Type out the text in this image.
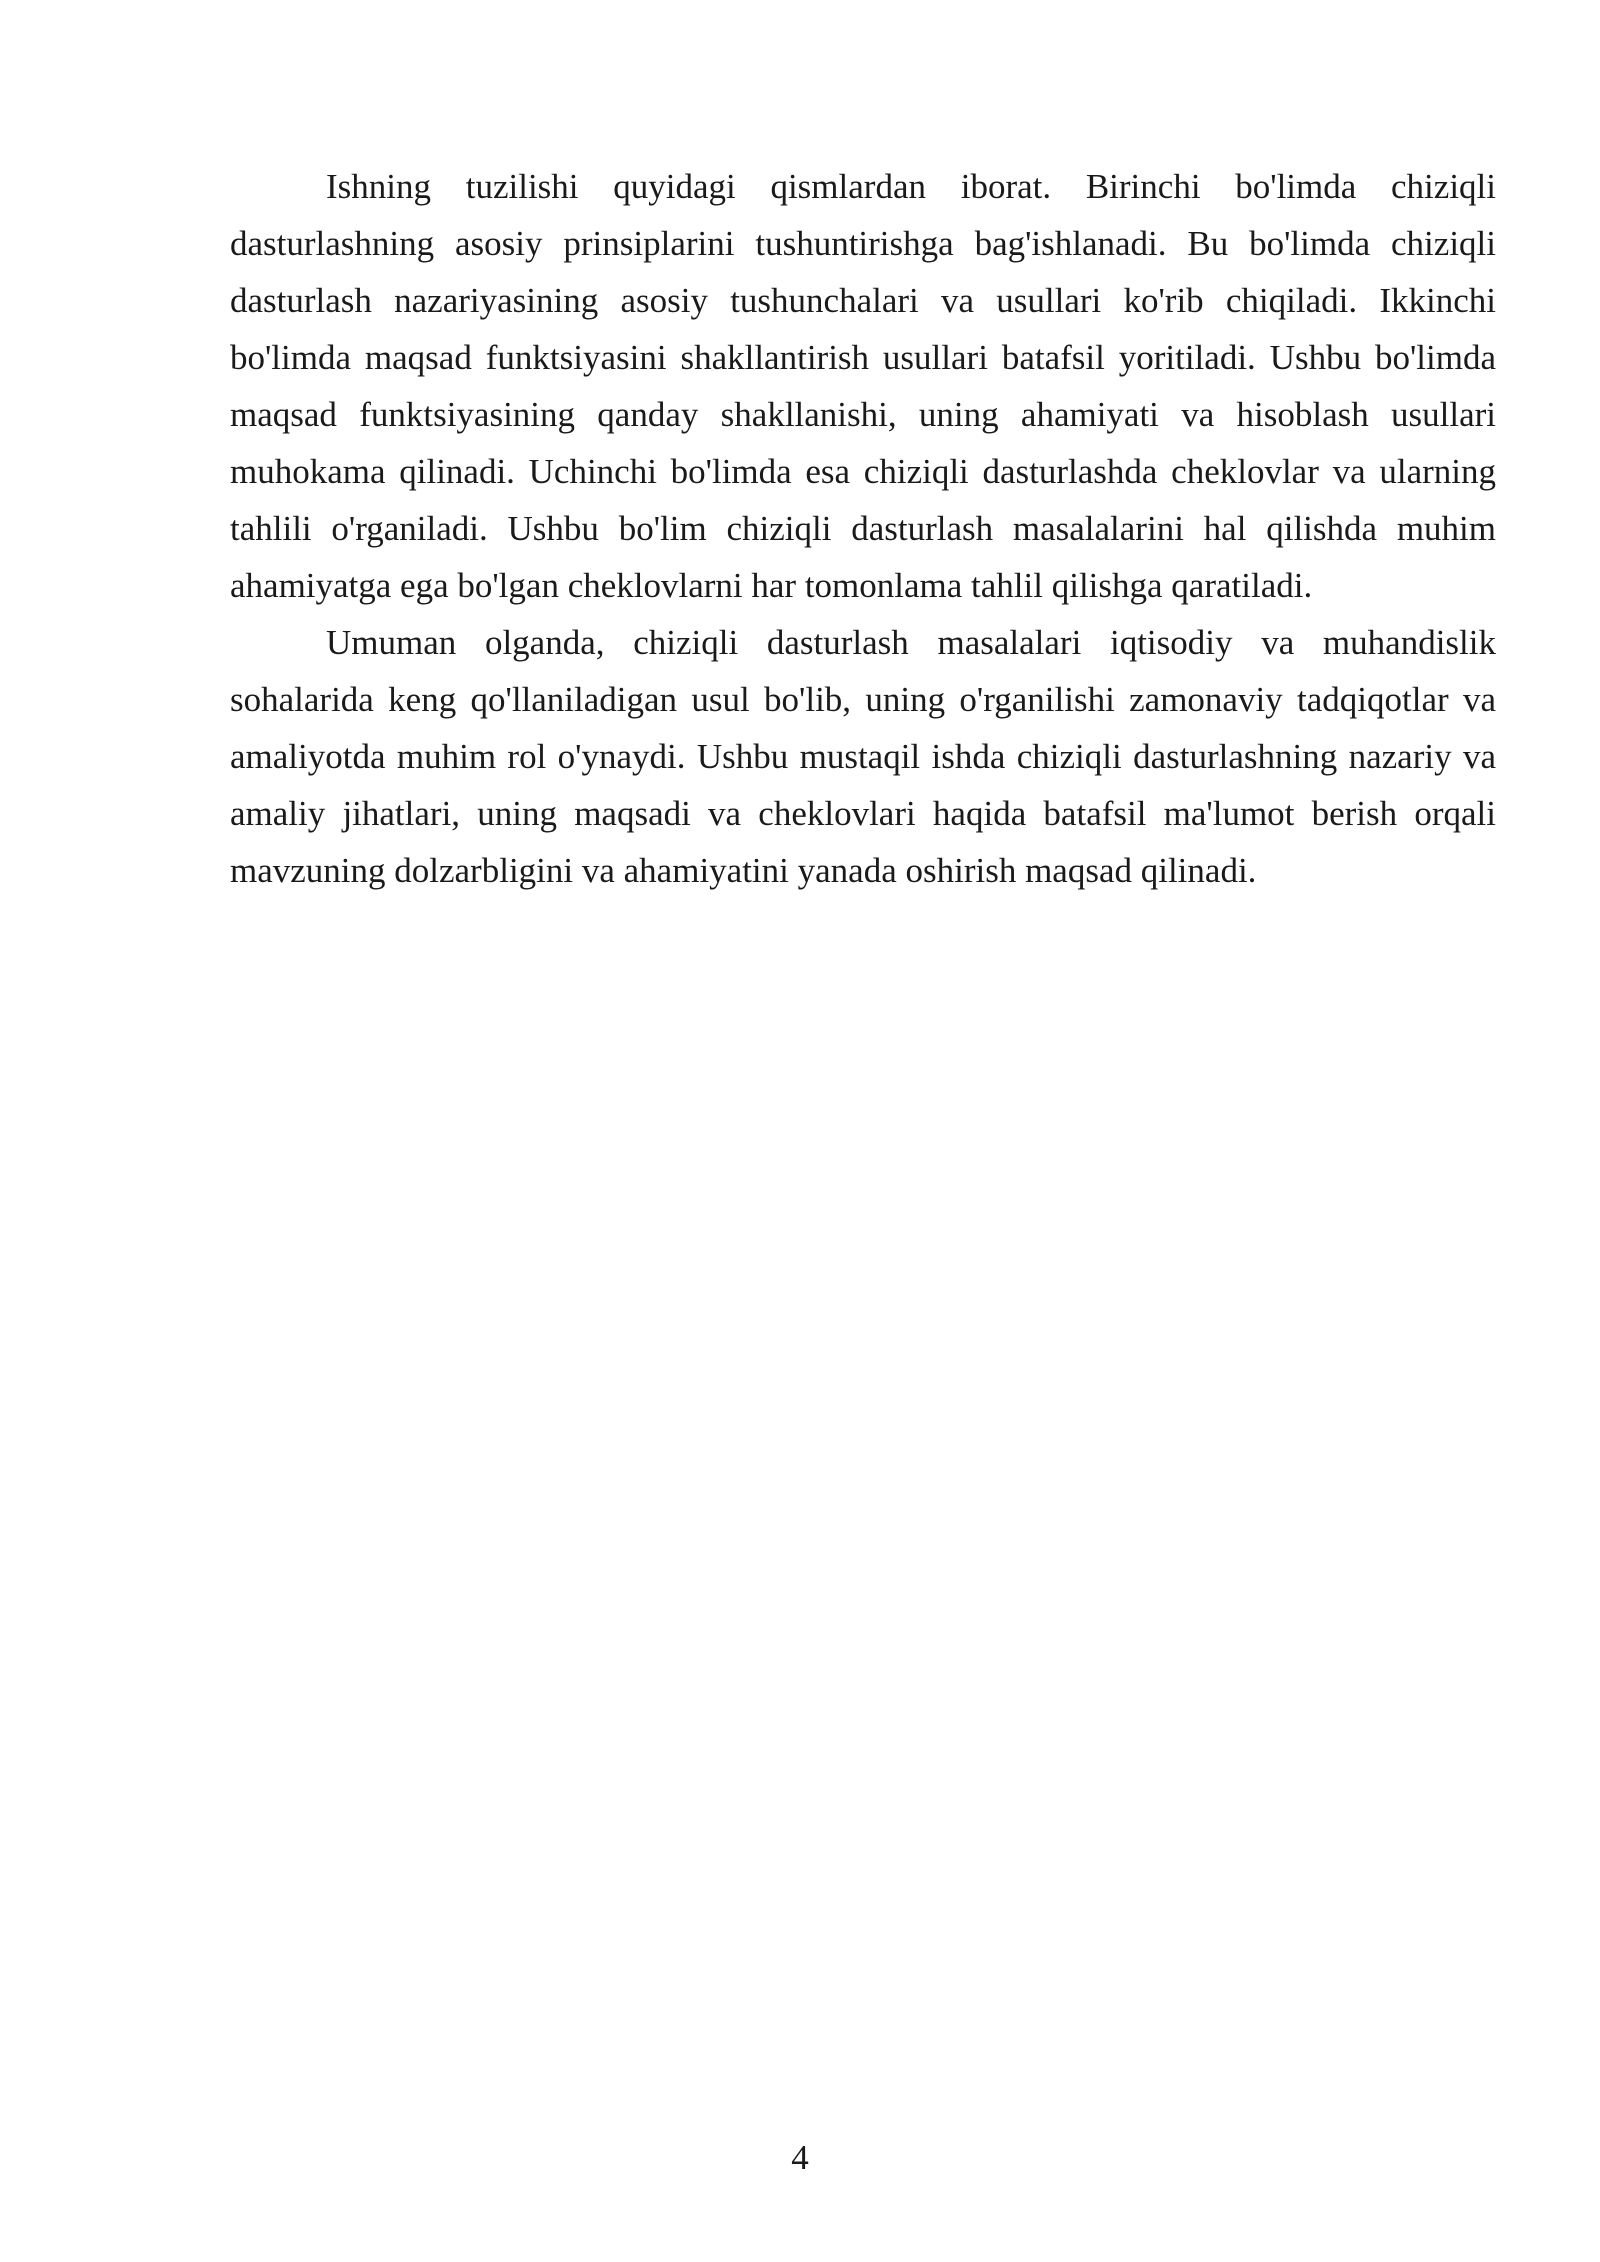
Ishning tuzilishi quyidagi qismlardan iborat. Birinchi bo'limda chiziqli dasturlashning asosiy prinsiplarini tushuntirishga bag'ishlanadi. Bu bo'limda chiziqli dasturlash nazariyasining asosiy tushunchalari va usullari ko'rib chiqiladi. Ikkinchi bo'limda maqsad funktsiyasini shakllantirish usullari batafsil yoritiladi. Ushbu bo'limda maqsad funktsiyasining qanday shakllanishi, uning ahamiyati va hisoblash usullari muhokama qilinadi. Uchinchi bo'limda esa chiziqli dasturlashda cheklovlar va ularning tahlili o'rganiladi. Ushbu bo'lim chiziqli dasturlash masalalarini hal qilishda muhim ahamiyatga ega bo'lgan cheklovlarni har tomonlama tahlil qilishga qaratiladi.

Umuman olganda, chiziqli dasturlash masalalari iqtisodiy va muhandislik sohalarida keng qo'llaniladigan usul bo'lib, uning o'rganilishi zamonaviy tadqiqotlar va amaliyotda muhim rol o'ynaydi. Ushbu mustaqil ishda chiziqli dasturlashning nazariy va amaliy jihatlari, uning maqsadi va cheklovlari haqida batafsil ma'lumot berish orqali mavzuning dolzarbligini va ahamiyatini yanada oshirish maqsad qilinadi.

4
